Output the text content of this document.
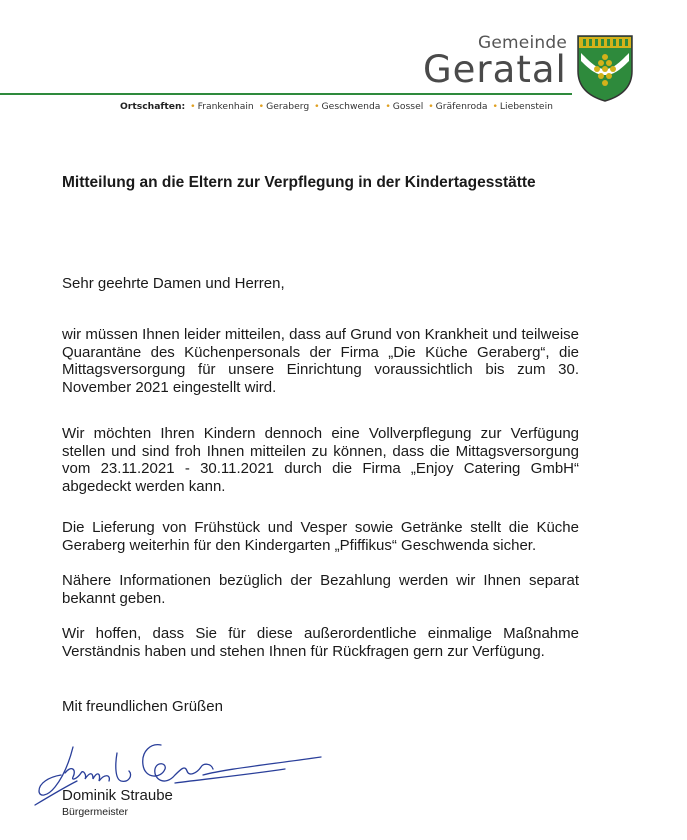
Gemeinde
Geratal
Ortschaften: • Frankenhain • Geraberg • Geschwenda • Gossel • Gräfenroda • Liebenstein
Mitteilung an die Eltern zur Verpflegung in der Kindertagesstätte
Sehr geehrte Damen und Herren,

wir müssen Ihnen leider mitteilen, dass auf Grund von Krankheit und teilweise Quarantäne des Küchenpersonals der Firma „Die Küche Geraberg“, die Mittagsversorgung für unsere Einrichtung voraussichtlich bis zum 30. November 2021 eingestellt wird.

Wir möchten Ihren Kindern dennoch eine Vollverpflegung zur Verfügung stellen und sind froh Ihnen mitteilen zu können, dass die Mittagsversorgung vom 23.11.2021 - 30.11.2021 durch die Firma „Enjoy Catering GmbH“ abgedeckt werden kann.

Die Lieferung von Frühstück und Vesper sowie Getränke stellt die Küche Geraberg weiterhin für den Kindergarten „Pfiffikus“ Geschwenda sicher.

Nähere Informationen bezüglich der Bezahlung werden wir Ihnen separat bekannt geben.

Wir hoffen, dass Sie für diese außerordentliche einmalige Maßnahme Verständnis haben und stehen Ihnen für Rückfragen gern zur Verfügung.

Mit freundlichen Grüßen
Dominik Straube
Bürgermeister
